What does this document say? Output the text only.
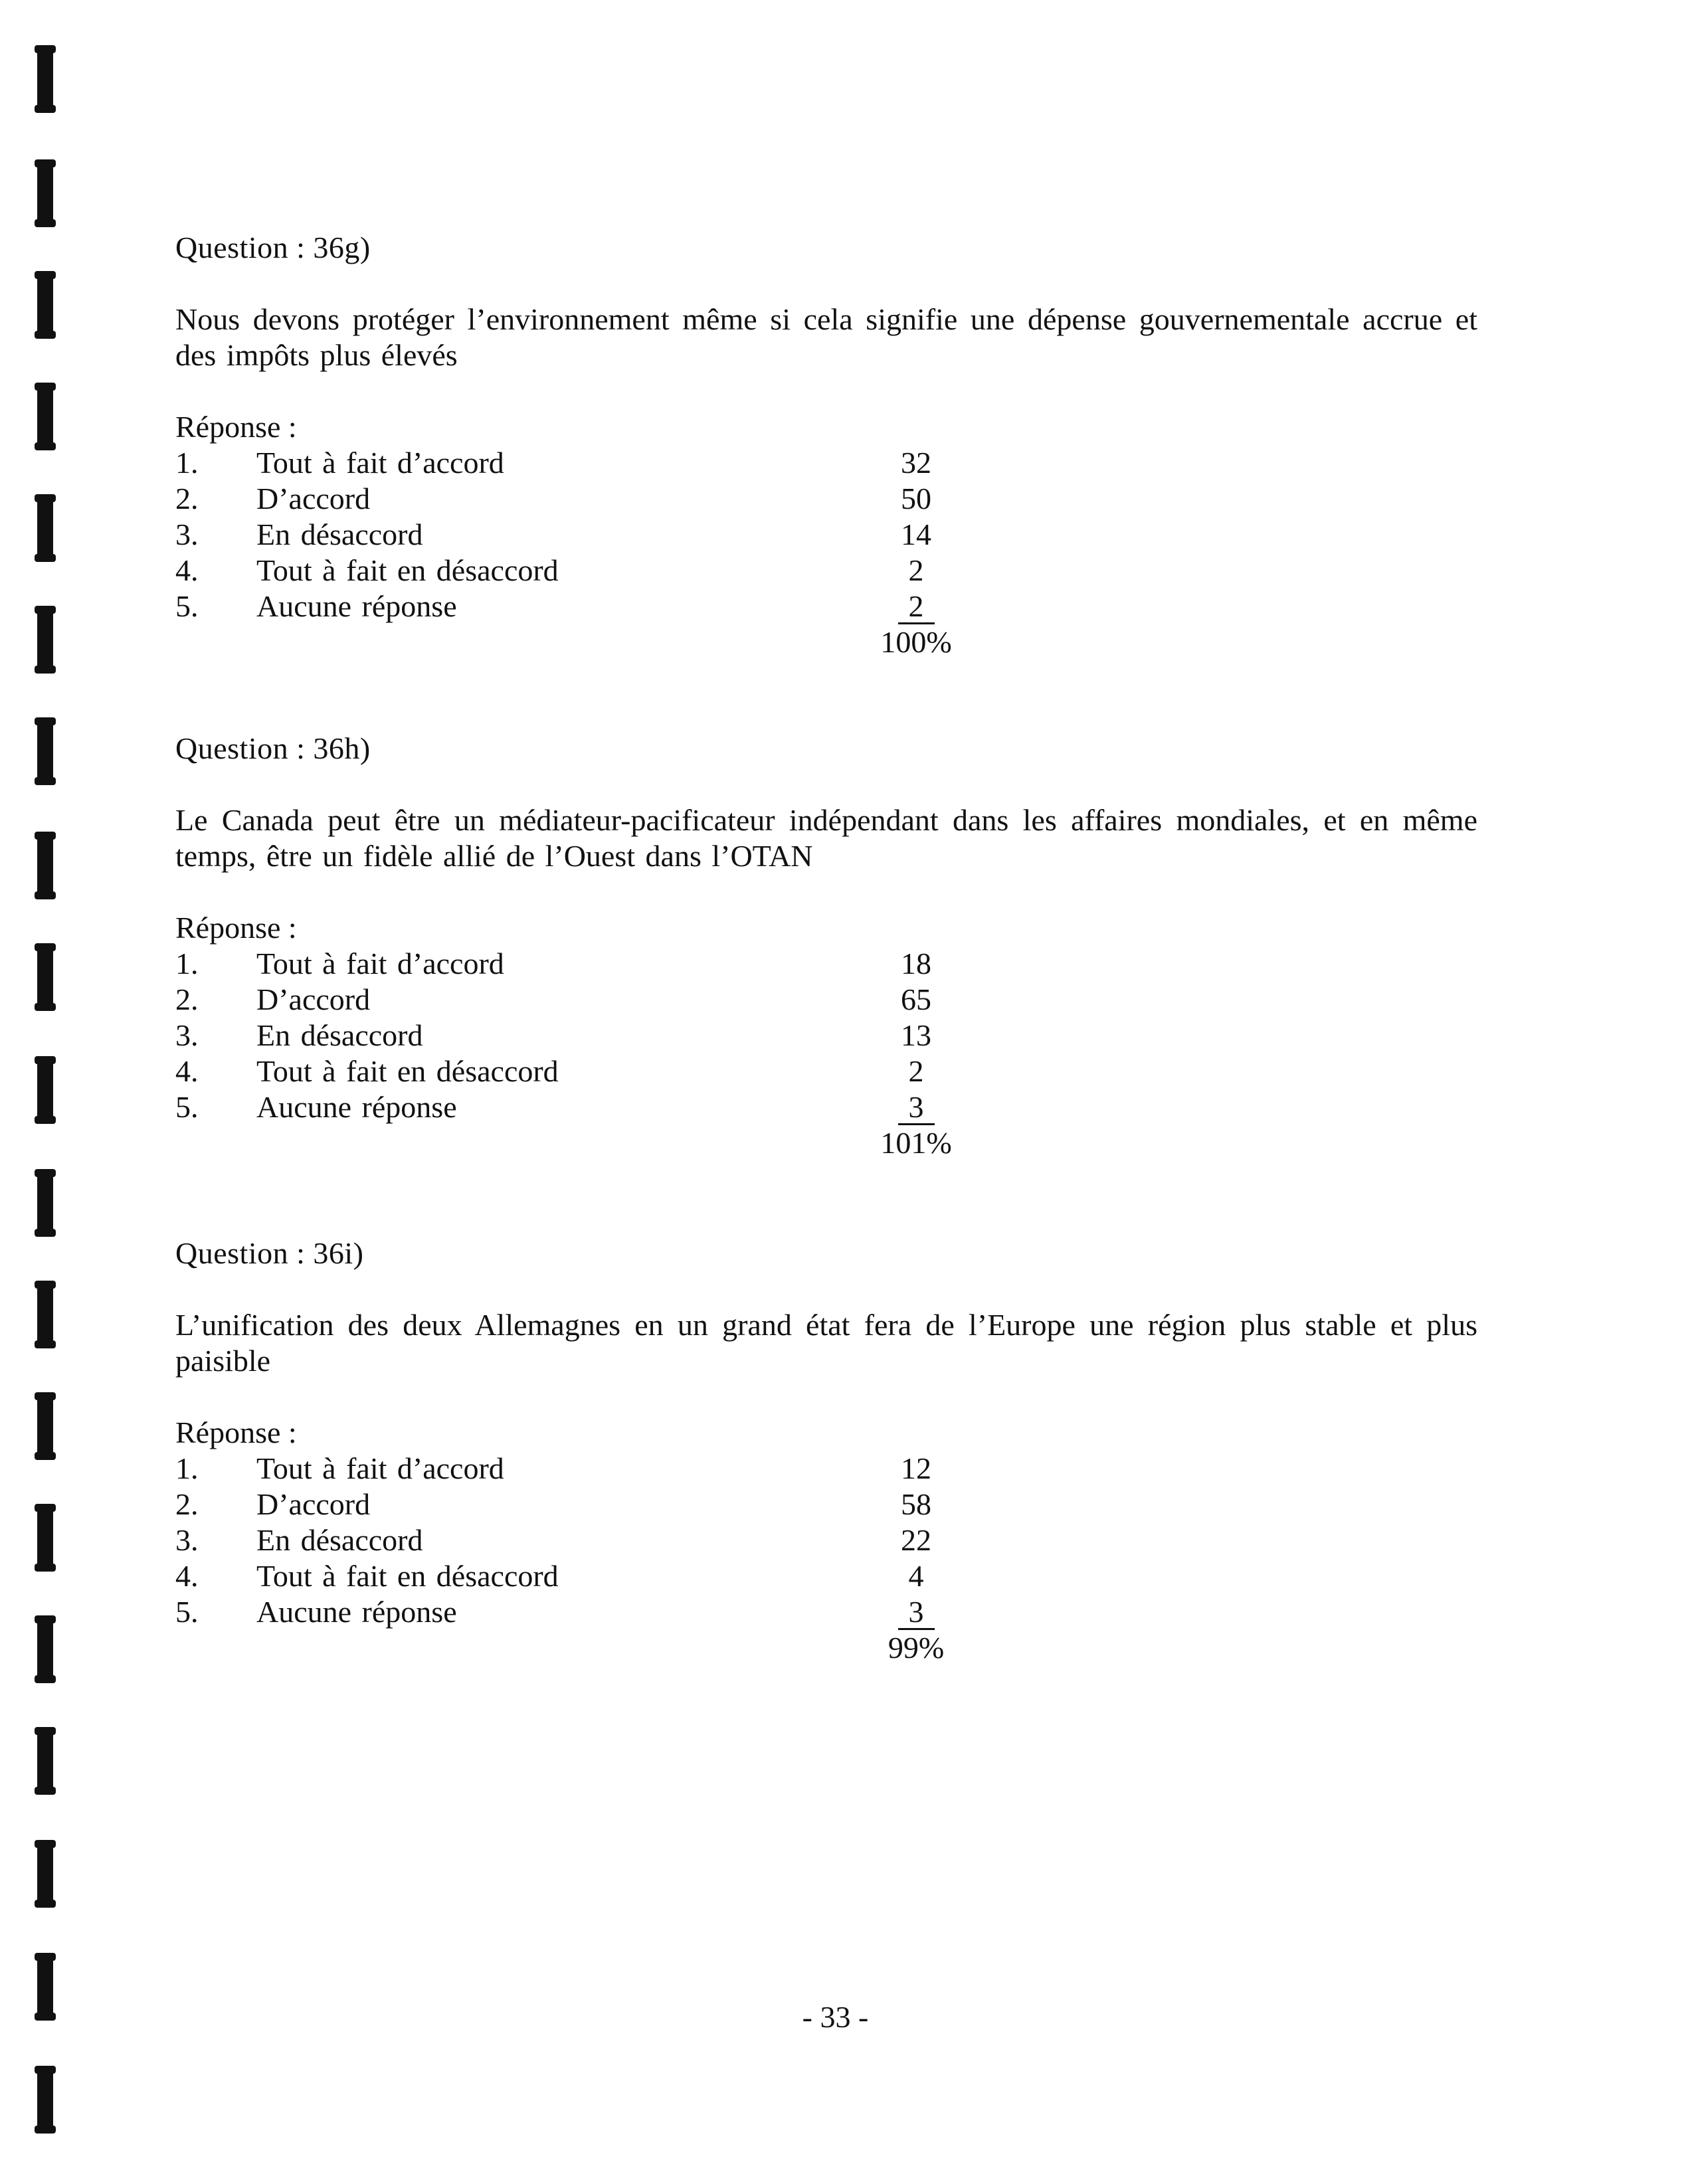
Question : 36g)

Nous devons protéger l’environnement même si cela signifie une dépense gouvernementale accrue et des impôts plus élevés

Réponse :

1. Tout à fait d’accord	32
2. D’accord	50
3. En désaccord	14
4. Tout à fait en désaccord	2
5. Aucune réponse	2
100%
Question : 36h)

Le Canada peut être un médiateur-pacificateur indépendant dans les affaires mondiales, et en même temps, être un fidèle allié de l’Ouest dans l’OTAN

Réponse :

1. Tout à fait d’accord	18
2. D’accord	65
3. En désaccord	13
4. Tout à fait en désaccord	2
5. Aucune réponse	3
101%
Question : 36i)

L’unification des deux Allemagnes en un grand état fera de l’Europe une région plus stable et plus paisible

Réponse :

1. Tout à fait d’accord	12
2. D’accord	58
3. En désaccord	22
4. Tout à fait en désaccord	4
5. Aucune réponse	3
99%
- 33 -
